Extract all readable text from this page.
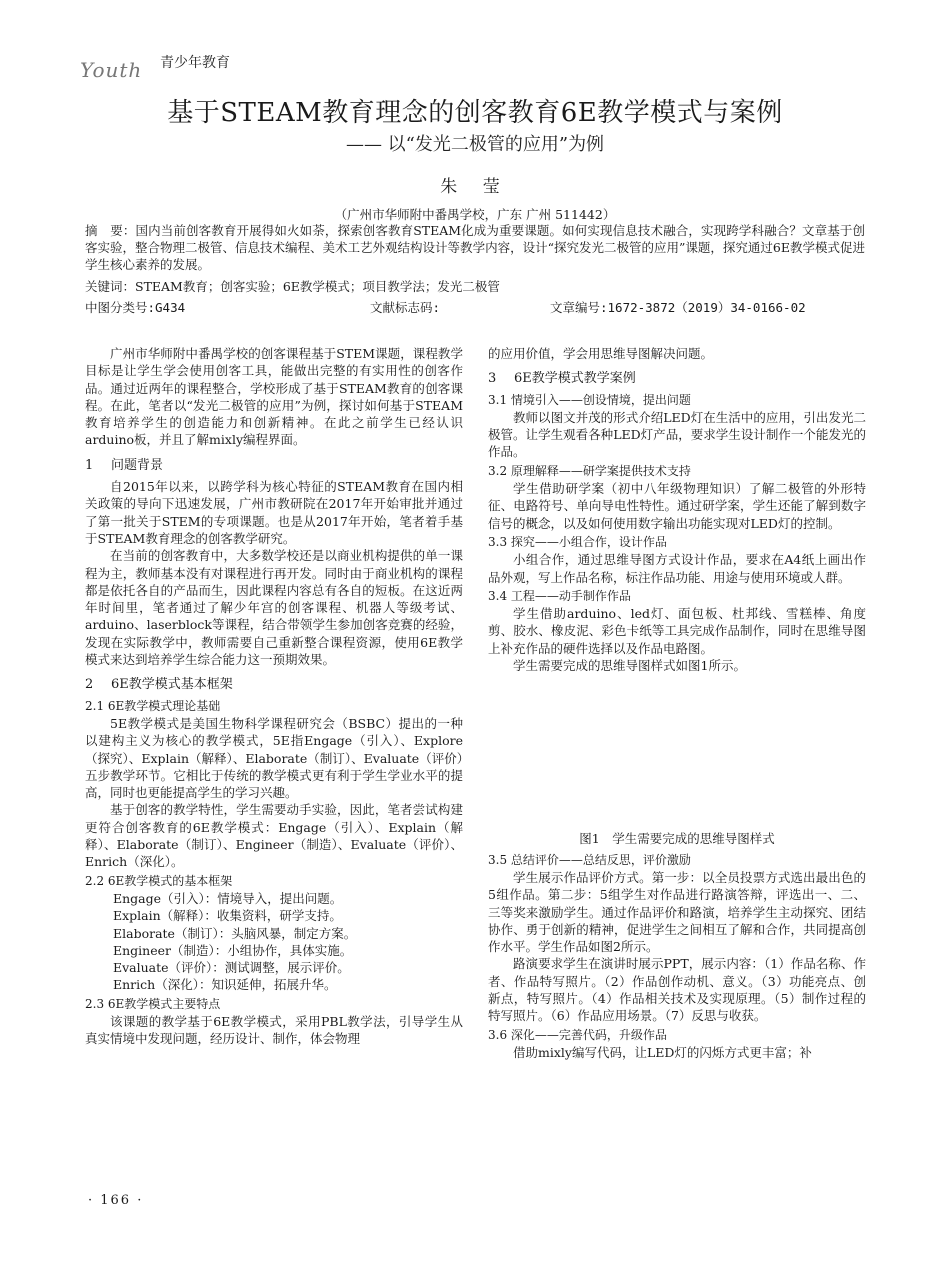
Youth 青少年教育
基于STEAM教育理念的创客教育6E教学模式与案例
—— 以“发光二极管的应用”为例
朱 莹
（广州市华师附中番禺学校，广东 广州 511442）
摘　要：国内当前创客教育开展得如火如荼，探索创客教育STEAM化成为重要课题。如何实现信息技术融合，实现跨学科融合？文章基于创客实验，整合物理二极管、信息技术编程、美术工艺外观结构设计等教学内容，设计“探究发光二极管的应用”课题，探究通过6E教学模式促进学生核心素养的发展。
关键词：STEAM教育；创客实验；6E教学模式；项目教学法；发光二极管
中图分类号:G434	文献标志码:	文章编号:1672-3872（2019）34-0166-02

广州市华师附中番禺学校的创客课程基于STEM课题，课程教学目标是让学生学会使用创客工具，能做出完整的有实用性的创客作品。通过近两年的课程整合，学校形成了基于STEAM教育的创客课程。在此，笔者以“发光二极管的应用”为例，探讨如何基于STEAM教育培养学生的创造能力和创新精神。在此之前学生已经认识arduino板，并且了解mixly编程界面。

1 问题背景

自2015年以来，以跨学科为核心特征的STEAM教育在国内相关政策的导向下迅速发展，广州市教研院在2017年开始审批并通过了第一批关于STEM的专项课题。也是从2017年开始，笔者着手基于STEAM教育理念的创客教学研究。

在当前的创客教育中，大多数学校还是以商业机构提供的单一课程为主，教师基本没有对课程进行再开发。同时由于商业机构的课程都是依托各自的产品而生，因此课程内容总有各自的短板。在这近两年时间里，笔者通过了解少年宫的创客课程、机器人等级考试、arduino、laserblock等课程，结合带领学生参加创客竞赛的经验，发现在实际教学中，教师需要自己重新整合课程资源，使用6E教学模式来达到培养学生综合能力这一预期效果。

2 6E教学模式基本框架
2.1 6E教学模式理论基础

5E教学模式是美国生物科学课程研究会（BSBC）提出的一种以建构主义为核心的教学模式，5E指Engage（引入）、Explore（探究）、Explain（解释）、Elaborate（制订）、Evaluate（评价）五步教学环节。它相比于传统的教学模式更有利于学生学业水平的提高，同时也更能提高学生的学习兴趣。

基于创客的教学特性，学生需要动手实验，因此，笔者尝试构建更符合创客教育的6E教学模式：Engage（引入）、Explain（解释）、Elaborate（制订）、Engineer（制造）、Evaluate（评价）、Enrich（深化）。

2.2 6E教学模式的基本框架
Engage（引入）：情境导入，提出问题。
Explain（解释）：收集资料，研学支持。
Elaborate（制订）：头脑风暴，制定方案。
Engineer（制造）：小组协作，具体实施。
Evaluate（评价）：测试调整，展示评价。
Enrich（深化）：知识延伸，拓展升华。
2.3 6E教学模式主要特点

该课题的教学基于6E教学模式，采用PBL教学法，引导学生从真实情境中发现问题，经历设计、制作，体会物理

的应用价值，学会用思维导图解决问题。

3 6E教学模式教学案例
3.1 情境引入——创设情境，提出问题

教师以图文并茂的形式介绍LED灯在生活中的应用，引出发光二极管。让学生观看各种LED灯产品，要求学生设计制作一个能发光的作品。

3.2 原理解释——研学案提供技术支持

学生借助研学案（初中八年级物理知识）了解二极管的外形特征、电路符号、单向导电性特性。通过研学案，学生还能了解到数字信号的概念，以及如何使用数字输出功能实现对LED灯的控制。

3.3 探究——小组合作，设计作品

小组合作，通过思维导图方式设计作品，要求在A4纸上画出作品外观，写上作品名称，标注作品功能、用途与使用环境或人群。

3.4 工程——动手制作作品

学生借助arduino、led灯、面包板、杜邦线、雪糕棒、角度剪、胶水、橡皮泥、彩色卡纸等工具完成作品制作，同时在思维导图上补充作品的硬件选择以及作品电路图。

学生需要完成的思维导图样式如图1所示。

图1　学生需要完成的思维导图样式
3.5 总结评价——总结反思，评价激励

学生展示作品评价方式。第一步：以全员投票方式选出最出色的5组作品。第二步：5组学生对作品进行路演答辩，评选出一、二、三等奖来激励学生。通过作品评价和路演，培养学生主动探究、团结协作、勇于创新的精神，促进学生之间相互了解和合作，共同提高创作水平。学生作品如图2所示。

路演要求学生在演讲时展示PPT，展示内容：（1）作品名称、作者、作品特写照片。（2）作品创作动机、意义。（3）功能亮点、创新点，特写照片。（4）作品相关技术及实现原理。（5）制作过程的特写照片。（6）作品应用场景。（7）反思与收获。

3.6 深化——完善代码，升级作品

借助mixly编写代码，让LED灯的闪烁方式更丰富；补

· 166 ·
